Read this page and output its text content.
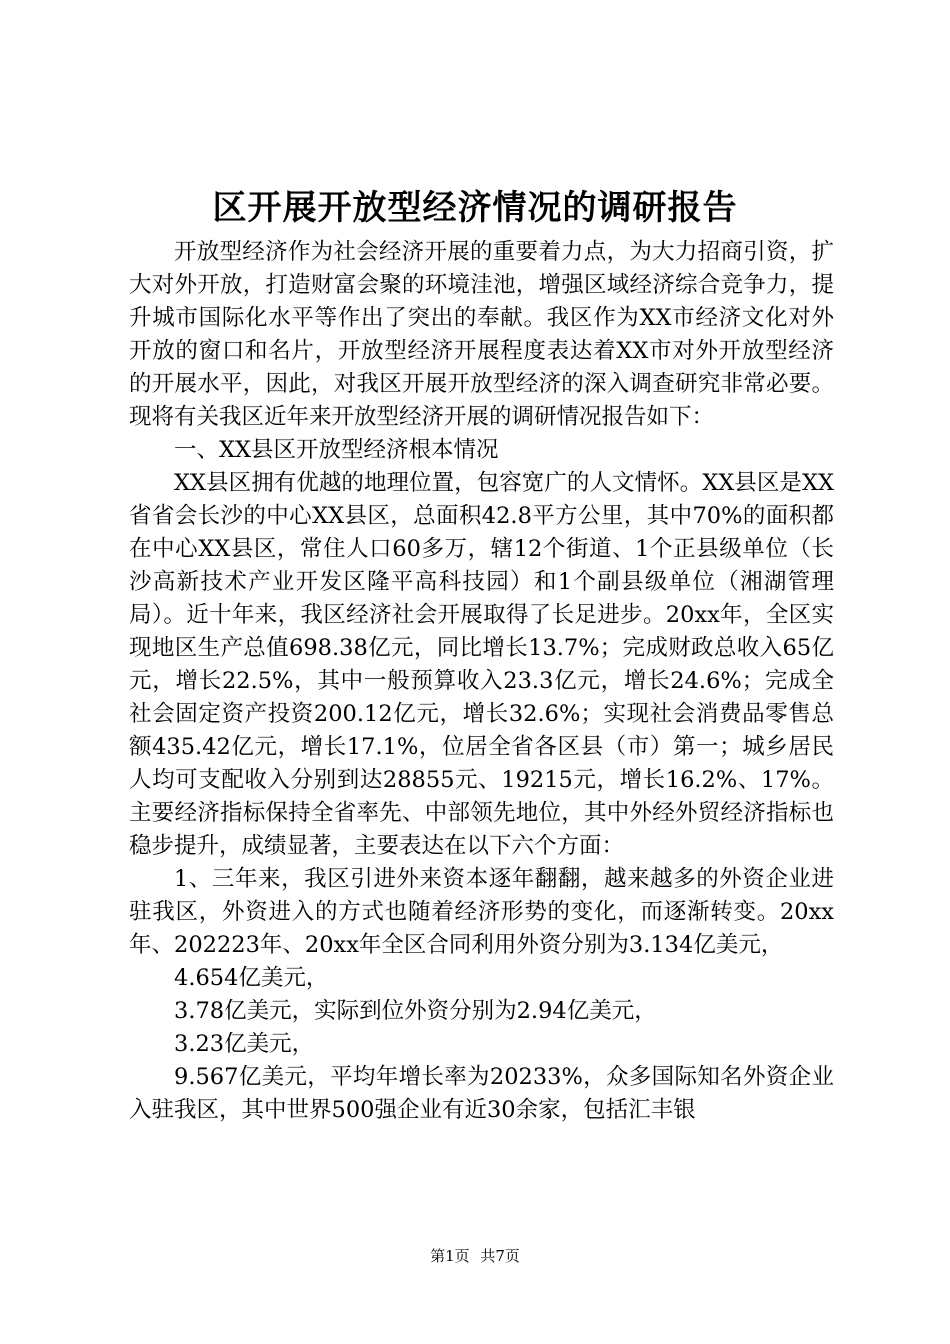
区开展开放型经济情况的调研报告

开放型经济作为社会经济开展的重要着力点，为大力招商引资，扩大对外开放，打造财富会聚的环境洼池，增强区域经济综合竞争力，提升城市国际化水平等作出了突出的奉献。我区作为XX市经济文化对外开放的窗口和名片，开放型经济开展程度表达着XX市对外开放型经济的开展水平，因此，对我区开展开放型经济的深入调查研究非常必要。现将有关我区近年来开放型经济开展的调研情况报告如下：

一、XX县区开放型经济根本情况

XX县区拥有优越的地理位置，包容宽广的人文情怀。XX县区是XX省省会长沙的中心XX县区，总面积42.8平方公里，其中70%的面积都在中心XX县区，常住人口60多万，辖12个街道、1个正县级单位（长沙高新技术产业开发区隆平高科技园）和1个副县级单位（湘湖管理局）。近十年来，我区经济社会开展取得了长足进步。20xx年，全区实现地区生产总值698.38亿元，同比增长13.7%；完成财政总收入65亿元，增长22.5%，其中一般预算收入23.3亿元，增长24.6%；完成全社会固定资产投资200.12亿元，增长32.6%；实现社会消费品零售总额435.42亿元，增长17.1%，位居全省各区县（市）第一；城乡居民人均可支配收入分别到达28855元、19215元，增长16.2%、17%。主要经济指标保持全省率先、中部领先地位，其中外经外贸经济指标也稳步提升，成绩显著，主要表达在以下六个方面：

1、三年来，我区引进外来资本逐年翻翻，越来越多的外资企业进驻我区，外资进入的方式也随着经济形势的变化，而逐渐转变。20xx年、202223年、20xx年全区合同利用外资分别为3.134亿美元，

4.654亿美元，

3.78亿美元，实际到位外资分别为2.94亿美元，

3.23亿美元，

9.567亿美元，平均年增长率为20233%，众多国际知名外资企业入驻我区，其中世界500强企业有近30余家，包括汇丰银

第1页 共7页
